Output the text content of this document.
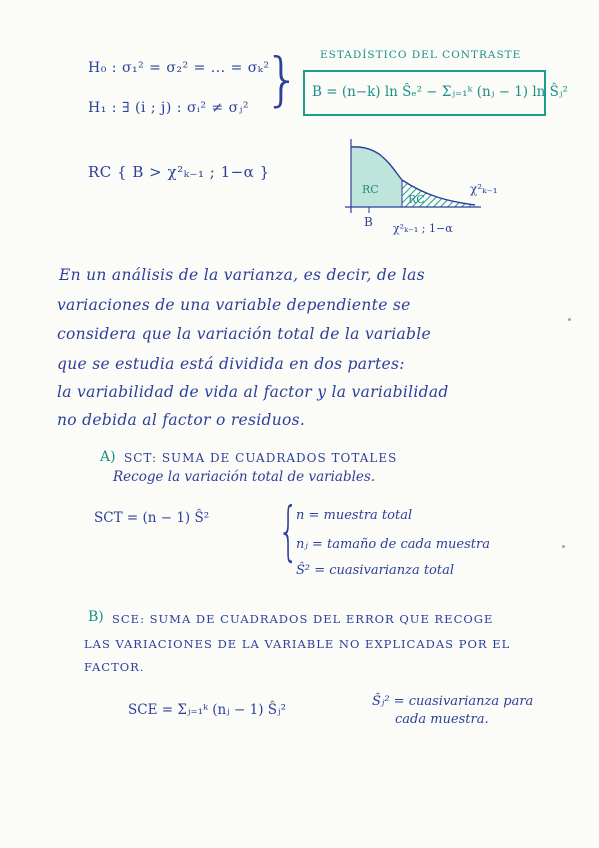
H₀ : σ₁² = σ₂² = ... = σₖ²
H₁ : ∃ (i ; j) : σᵢ² ≠ σⱼ² } ESTADÍSTICO DEL CONTRASTE
B = (n−k) ln Ŝₑ² − Σⱼ₌₁ᵏ (nⱼ − 1) ln Ŝⱼ²
RC { B > χ²ₖ₋₁ ; 1−α }
RC
RC
χ²ₖ₋₁
B χ²ₖ₋₁ ; 1−α
En un análisis de la varianza, es decir, de las
variaciones de una variable dependiente se
considera que la variación total de la variable
que se estudia está dividida en dos partes:
la variabilidad de vida al factor y la variabilidad
no debida al factor o residuos.
A) SCT: SUMA DE CUADRADOS TOTALES
Recoge la variación total de variables.
SCT = (n − 1) Ŝ² {
n = muestra total
nⱼ = tamaño de cada muestra
Ŝ² = cuasivarianza total
B) SCE: SUMA DE CUADRADOS DEL ERROR QUE RECOGE
LAS VARIACIONES DE LA VARIABLE NO EXPLICADAS POR EL
FACTOR.
SCE = Σⱼ₌₁ᵏ (nⱼ − 1) Ŝⱼ²
Ŝⱼ² = cuasivarianza para
cada muestra.
